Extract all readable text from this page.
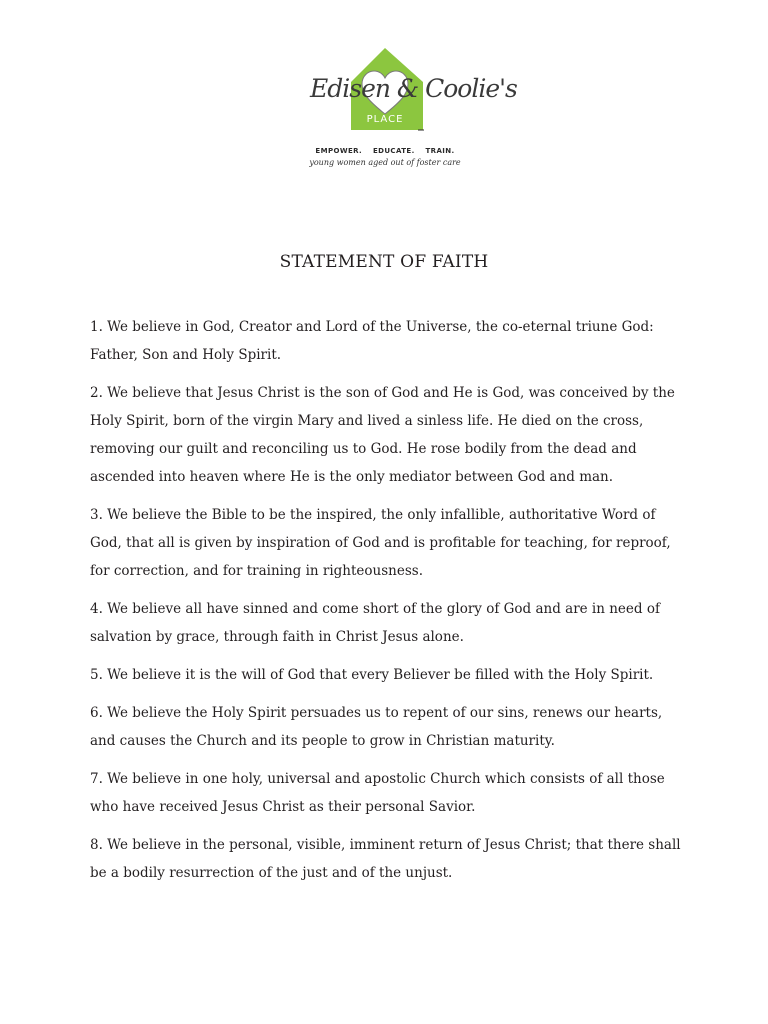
Edisen & Coolie's
PLACE
EMPOWER. EDUCATE. TRAIN.
young women aged out of foster care
STATEMENT OF FAITH

1. We believe in God, Creator and Lord of the Universe, the co-eternal triune God: Father, Son and Holy Spirit.

2. We believe that Jesus Christ is the son of God and He is God, was conceived by the Holy Spirit, born of the virgin Mary and lived a sinless life. He died on the cross, removing our guilt and reconciling us to God. He rose bodily from the dead and ascended into heaven where He is the only mediator between God and man.

3. We believe the Bible to be the inspired, the only infallible, authoritative Word of God, that all is given by inspiration of God and is profitable for teaching, for reproof, for correction, and for training in righteousness.

4. We believe all have sinned and come short of the glory of God and are in need of salvation by grace, through faith in Christ Jesus alone.

5. We believe it is the will of God that every Believer be filled with the Holy Spirit.

6. We believe the Holy Spirit persuades us to repent of our sins, renews our hearts, and causes the Church and its people to grow in Christian maturity.

7. We believe in one holy, universal and apostolic Church which consists of all those who have received Jesus Christ as their personal Savior.

8. We believe in the personal, visible, imminent return of Jesus Christ; that there shall be a bodily resurrection of the just and of the unjust.
